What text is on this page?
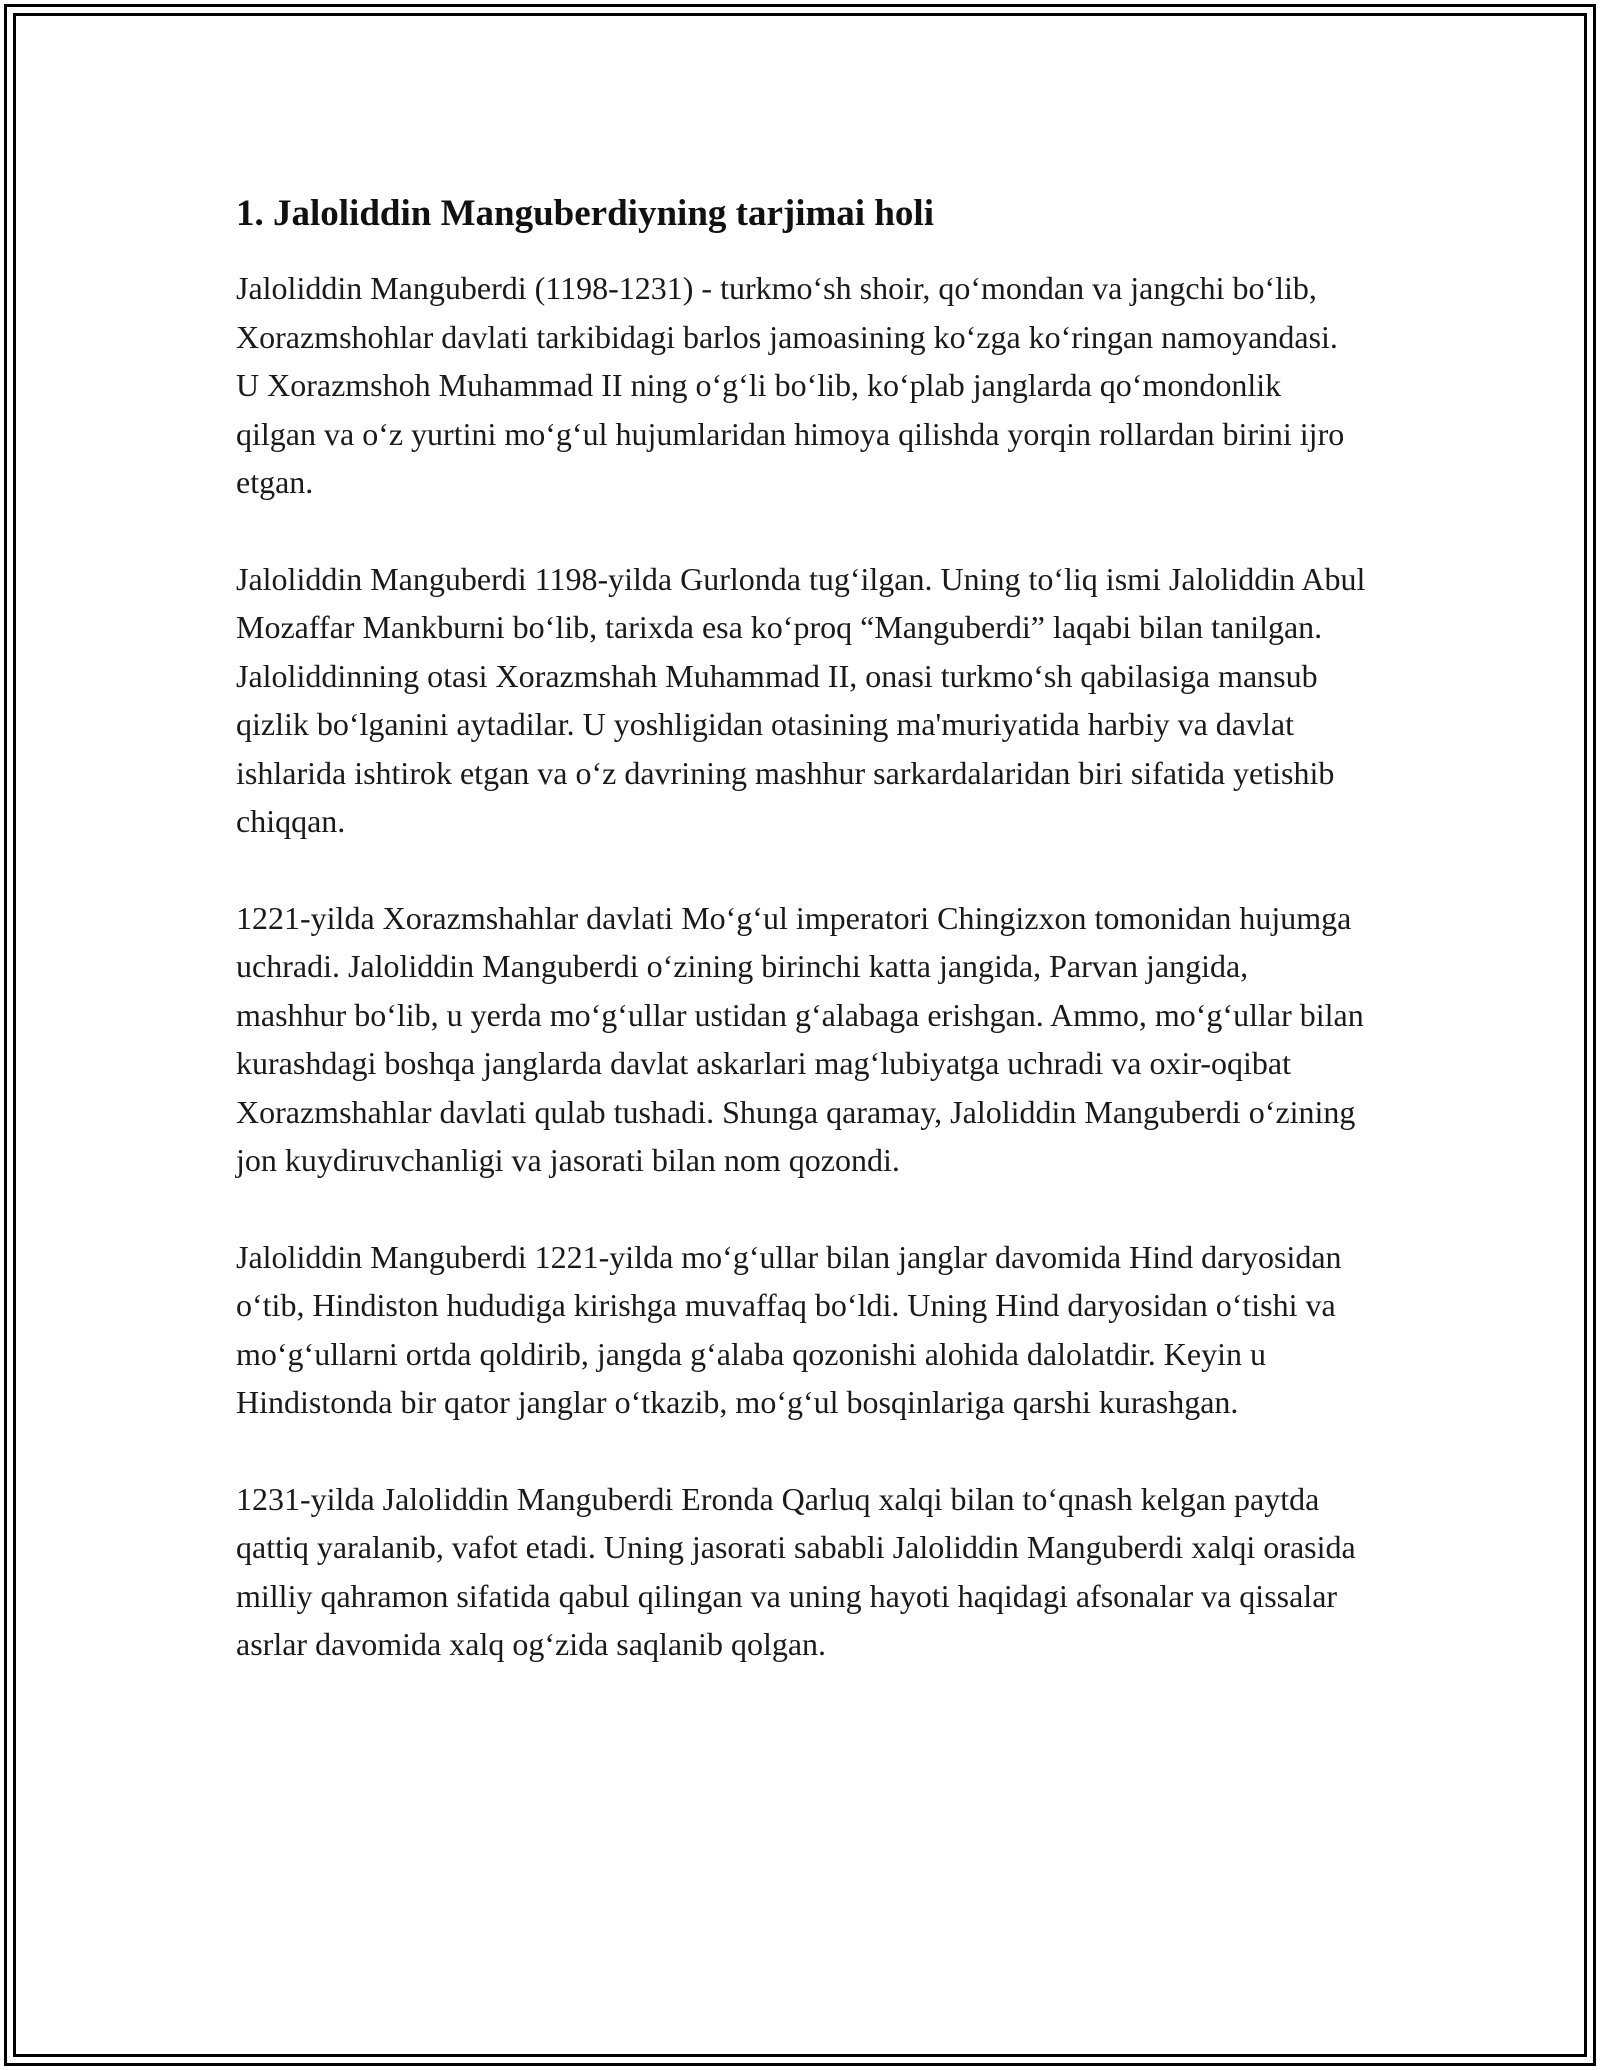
1. Jaloliddin Manguberdiyning tarjimai holi

Jaloliddin Manguberdi (1198-1231) - turkmoʻsh shoir, qoʻmondan va jangchi boʻlib, Xorazmshohlar davlati tarkibidagi barlos jamoasining koʻzga koʻringan namoyandasi. U Xorazmshoh Muhammad II ning oʻgʻli boʻlib, koʻplab janglarda qoʻmondonlik qilgan va oʻz yurtini moʻgʻul hujumlaridan himoya qilishda yorqin rollardan birini ijro etgan.

Jaloliddin Manguberdi 1198-yilda Gurlonda tugʻilgan. Uning toʻliq ismi Jaloliddin Abul Mozaffar Mankburni boʻlib, tarixda esa koʻproq “Manguberdi” laqabi bilan tanilgan. Jaloliddinning otasi Xorazmshah Muhammad II, onasi turkmoʻsh qabilasiga mansub qizlik boʻlganini aytadilar. U yoshligidan otasining ma'muriyatida harbiy va davlat ishlarida ishtirok etgan va oʻz davrining mashhur sarkardalaridan biri sifatida yetishib chiqqan.

1221-yilda Xorazmshahlar davlati Moʻgʻul imperatori Chingizxon tomonidan hujumga uchradi. Jaloliddin Manguberdi oʻzining birinchi katta jangida, Parvan jangida, mashhur boʻlib, u yerda moʻgʻullar ustidan gʻalabaga erishgan. Ammo, moʻgʻullar bilan kurashdagi boshqa janglarda davlat askarlari magʻlubiyatga uchradi va oxir-oqibat Xorazmshahlar davlati qulab tushadi. Shunga qaramay, Jaloliddin Manguberdi oʻzining jon kuydiruvchanligi va jasorati bilan nom qozondi.

Jaloliddin Manguberdi 1221-yilda moʻgʻullar bilan janglar davomida Hind daryosidan oʻtib, Hindiston hududiga kirishga muvaffaq boʻldi. Uning Hind daryosidan oʻtishi va moʻgʻullarni ortda qoldirib, jangda gʻalaba qozonishi alohida dalolatdir. Keyin u Hindistonda bir qator janglar oʻtkazib, moʻgʻul bosqinlariga qarshi kurashgan.

1231-yilda Jaloliddin Manguberdi Eronda Qarluq xalqi bilan toʻqnash kelgan paytda qattiq yaralanib, vafot etadi. Uning jasorati sababli Jaloliddin Manguberdi xalqi orasida milliy qahramon sifatida qabul qilingan va uning hayoti haqidagi afsonalar va qissalar asrlar davomida xalq ogʻzida saqlanib qolgan.
